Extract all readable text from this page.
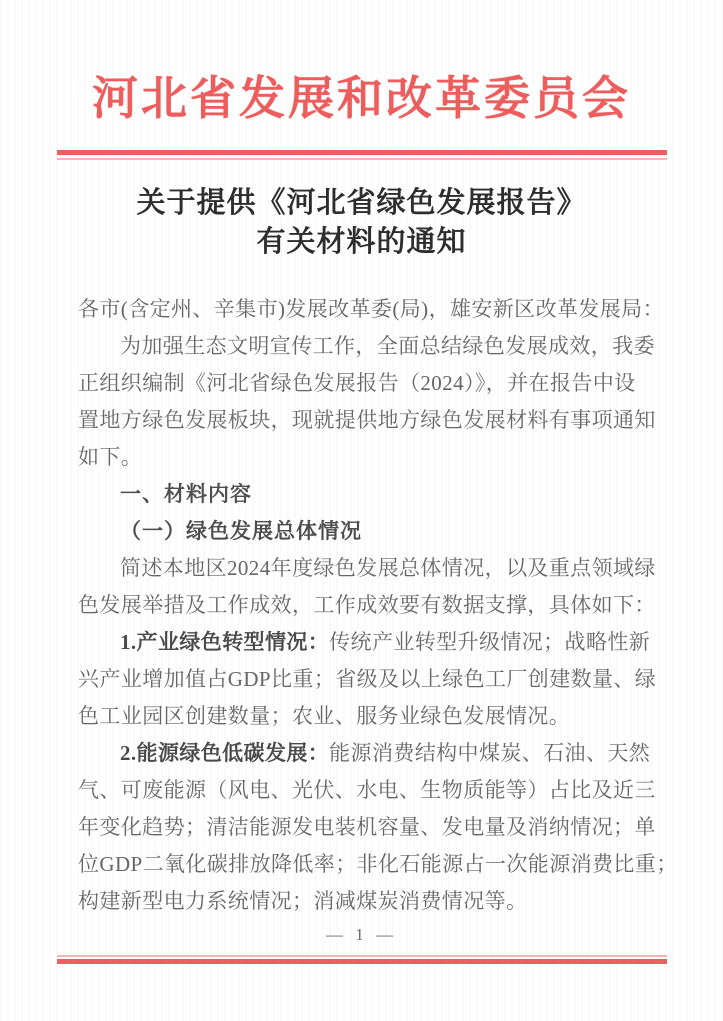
河北省发展和改革委员会
关于提供《河北省绿色发展报告》
有关材料的通知
各市(含定州、辛集市)发展改革委(局)，雄安新区改革发展局：
为加强生态文明宣传工作，全面总结绿色发展成效，我委
正组织编制《河北省绿色发展报告（2024）》，并在报告中设
置地方绿色发展板块，现就提供地方绿色发展材料有事项通知
如下。
一、材料内容
（一）绿色发展总体情况
简述本地区2024年度绿色发展总体情况，以及重点领域绿
色发展举措及工作成效，工作成效要有数据支撑，具体如下：
1.产业绿色转型情况：传统产业转型升级情况；战略性新
兴产业增加值占GDP比重；省级及以上绿色工厂创建数量、绿
色工业园区创建数量；农业、服务业绿色发展情况。
2.能源绿色低碳发展：能源消费结构中煤炭、石油、天然
气、可废能源（风电、光伏、水电、生物质能等）占比及近三
年变化趋势；清洁能源发电装机容量、发电量及消纳情况；单
位GDP二氧化碳排放降低率；非化石能源占一次能源消费比重；
构建新型电力系统情况；消减煤炭消费情况等。
— 1 —
